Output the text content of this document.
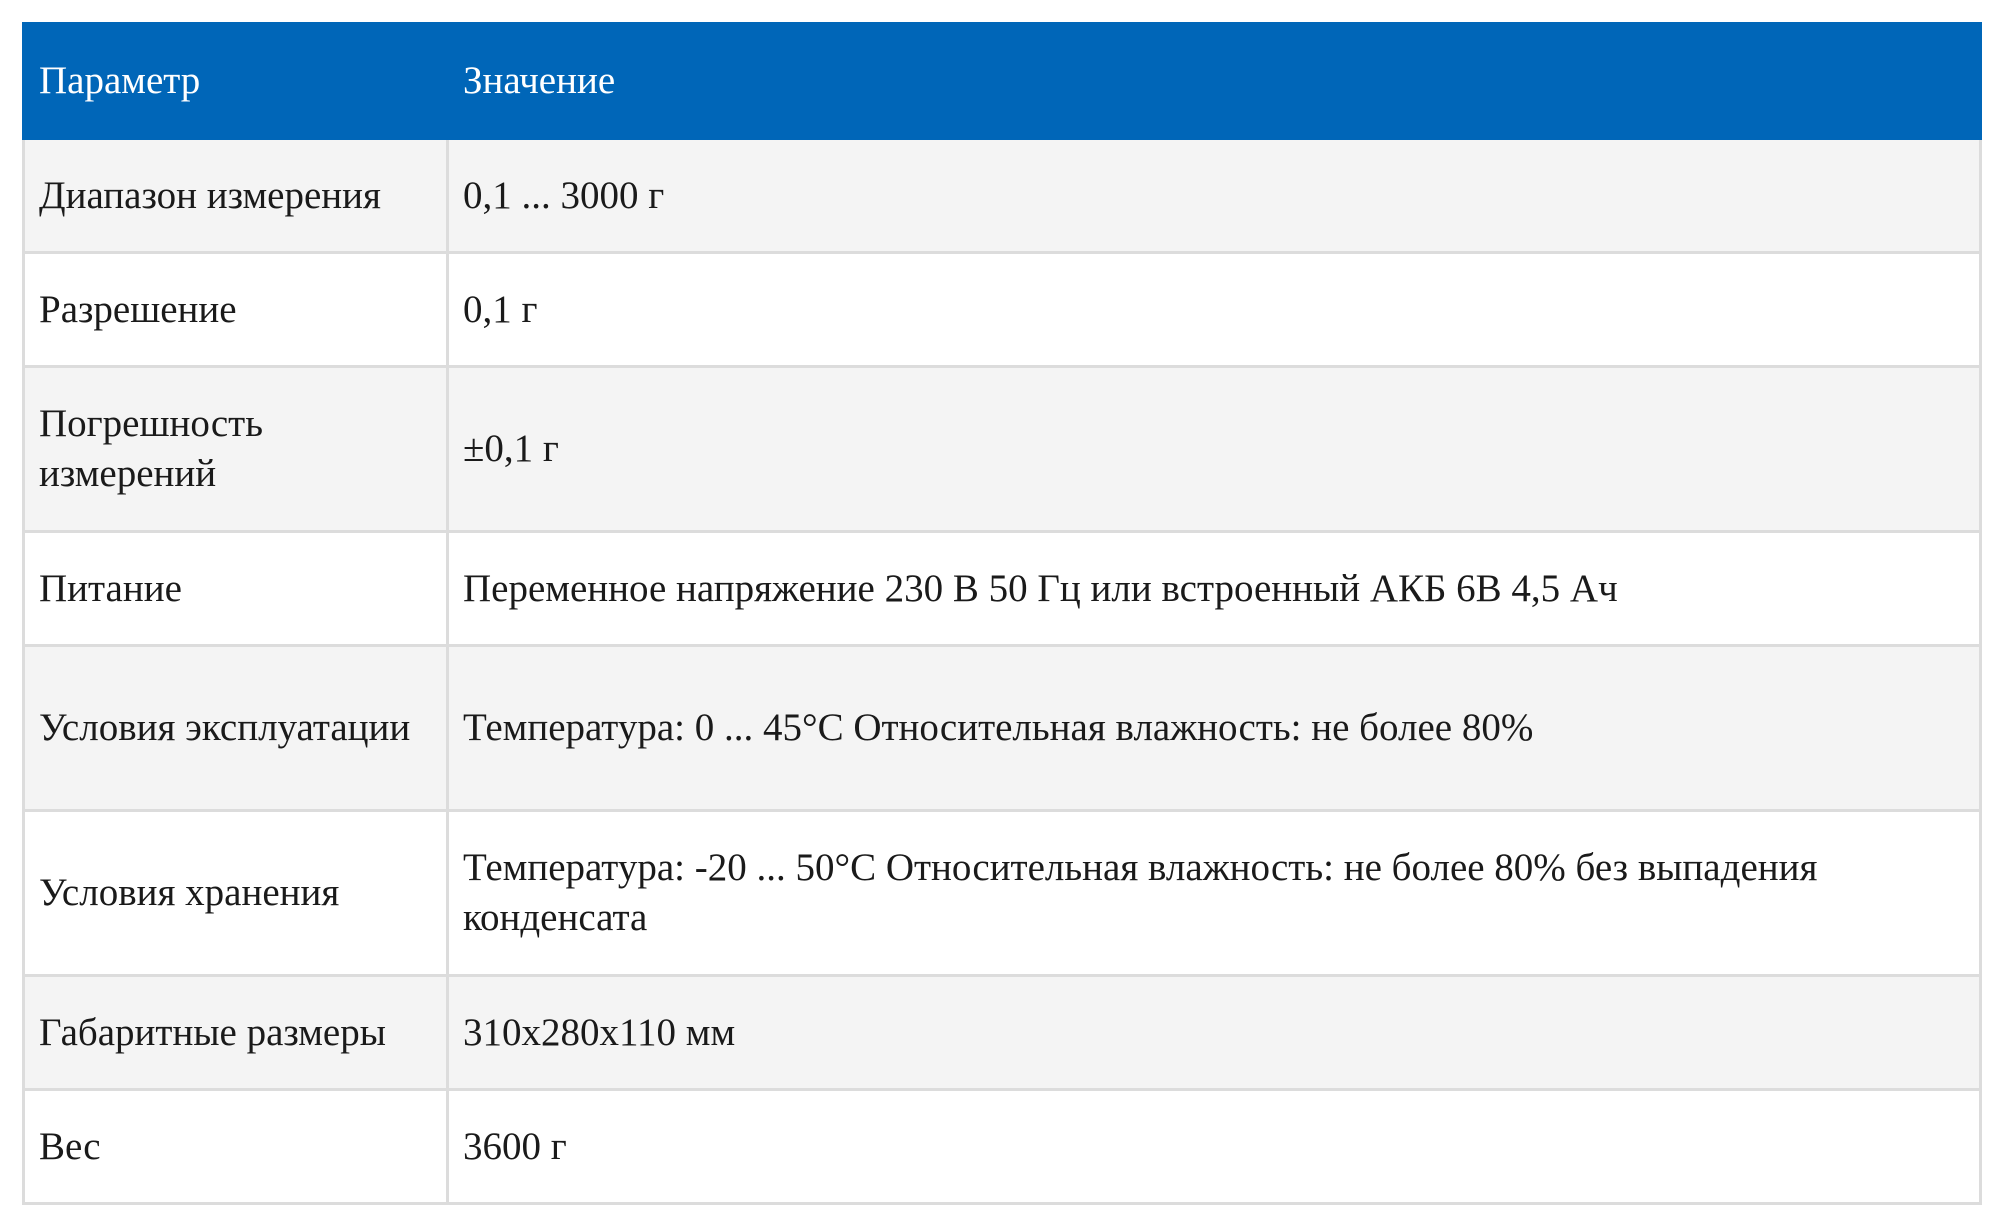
Параметр	Значение
Диапазон измерения	0,1 ... 3000 г
Разрешение	0,1 г
Погрешность измерений	±0,1 г
Питание	Переменное напряжение 230 В 50 Гц или встроенный АКБ 6В 4,5 Ач
Условия эксплуатации	Температура: 0 ... 45°С Относительная влажность: не более 80%
Условия хранения	Температура: -20 ... 50°С Относительная влажность: не более 80% без выпадения конденсата
Габаритные размеры	310х280х110 мм
Вес	3600 г
